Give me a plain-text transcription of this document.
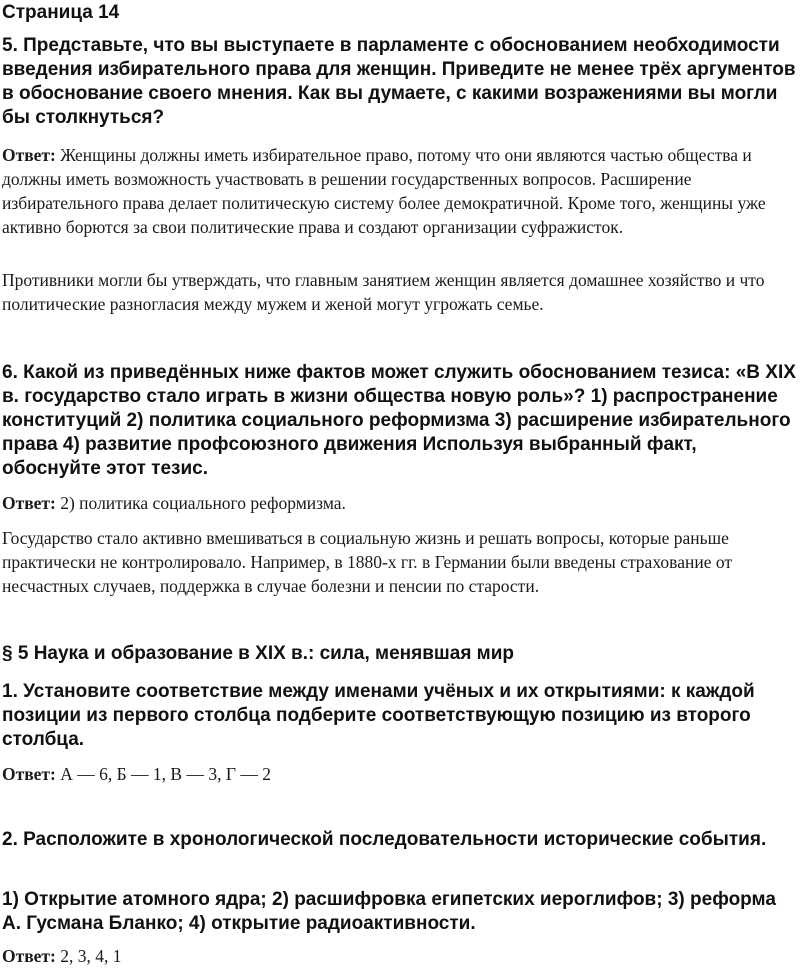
Страница 14

5. Представьте, что вы выступаете в парламенте с обоснованием необходимости введения избирательного права для женщин. Приведите не менее трёх аргументов в обоснование своего мнения. Как вы думаете, с какими возражениями вы могли бы столкнуться?

Ответ: Женщины должны иметь избирательное право, потому что они являются частью общества и должны иметь возможность участвовать в решении государственных вопросов. Расширение избирательного права делает политическую систему более демократичной. Кроме того, женщины уже активно борются за свои политические права и создают организации суфражисток.

Противники могли бы утверждать, что главным занятием женщин является домашнее хозяйство и что политические разногласия между мужем и женой могут угрожать семье.

6. Какой из приведённых ниже фактов может служить обоснованием тезиса: «В XIX в. государство стало играть в жизни общества новую роль»? 1) распространение конституций 2) политика социального реформизма 3) расширение избирательного права 4) развитие профсоюзного движения Используя выбранный факт, обоснуйте этот тезис.

Ответ: 2) политика социального реформизма.

Государство стало активно вмешиваться в социальную жизнь и решать вопросы, которые раньше практически не контролировало. Например, в 1880-х гг. в Германии были введены страхование от несчастных случаев, поддержка в случае болезни и пенсии по старости.

§ 5 Наука и образование в XIX в.: сила, менявшая мир

1. Установите соответствие между именами учёных и их открытиями: к каждой позиции из первого столбца подберите соответствующую позицию из второго столбца.

Ответ: А — 6, Б — 1, В — 3, Г — 2

2. Расположите в хронологической последовательности исторические события.

1) Открытие атомного ядра; 2) расшифровка египетских иероглифов; 3) реформа А. Гусмана Бланко; 4) открытие радиоактивности.

Ответ: 2, 3, 4, 1
